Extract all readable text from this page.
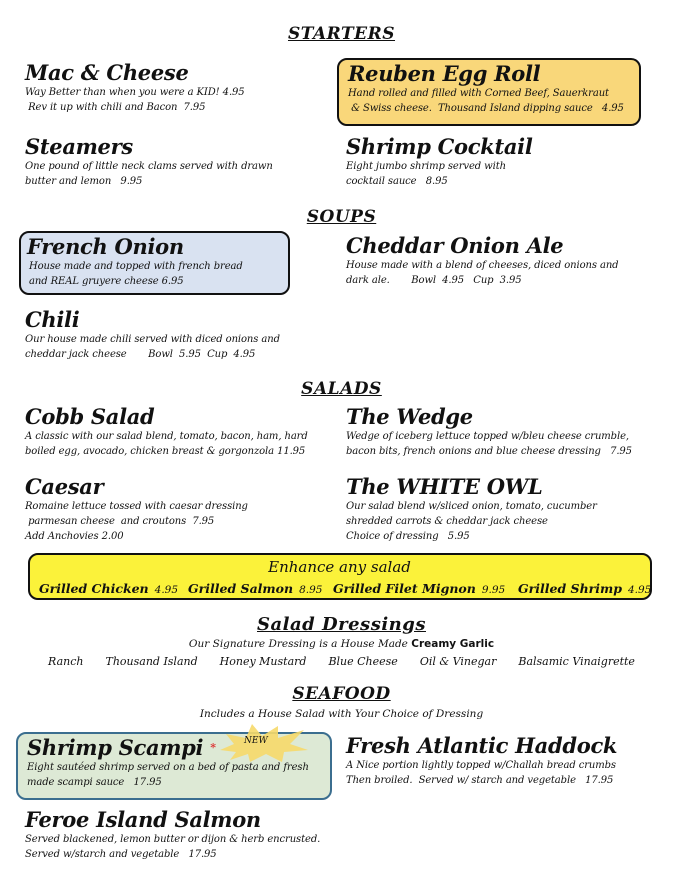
STARTERS
Mac & Cheese
Way Better than when you were a KID! 4.95
Rev it up with chili and Bacon  7.95
Reuben Egg Roll
Hand rolled and filled with Corned Beef, Sauerkraut
& Swiss cheese.  Thousand Island dipping sauce   4.95
Steamers
One pound of little neck clams served with drawn
butter and lemon   9.95
Shrimp Cocktail
Eight jumbo shrimp served with
cocktail sauce   8.95
SOUPS
French Onion
House made and topped with french bread
and REAL gruyere cheese 6.95
Cheddar Onion Ale
House made with a blend of cheeses, diced onions and
dark ale.       Bowl  4.95   Cup  3.95
Chili
Our house made chili served with diced onions and
cheddar jack cheese       Bowl  5.95  Cup  4.95
SALADS
Cobb Salad
A classic with our salad blend, tomato, bacon, ham, hard
boiled egg, avocado, chicken breast & gorgonzola 11.95
The Wedge
Wedge of iceberg lettuce topped w/bleu cheese crumble,
bacon bits, french onions and blue cheese dressing   7.95
Caesar
Romaine lettuce tossed with caesar dressing
parmesan cheese  and croutons  7.95
Add Anchovies 2.00
The WHITE OWL
Our salad blend w/sliced onion, tomato, cucumber
shredded carrots & cheddar jack cheese
Choice of dressing   5.95
Enhance any salad
Grilled Chicken 4.95 Grilled Salmon 8.95 Grilled Filet Mignon 9.95 Grilled Shrimp 4.95
Salad Dressings
Our Signature Dressing is a House Made Creamy Garlic
Ranch Thousand Island Honey Mustard Blue Cheese Oil & Vinegar Balsamic Vinaigrette
SEAFOOD
Includes a House Salad with Your Choice of Dressing
Shrimp Scampi *
Eight sautéed shrimp served on a bed of pasta and fresh
made scampi sauce   17.95
NEW	Fresh Atlantic Haddock
A Nice portion lightly topped w/Challah bread crumbs
Then broiled.  Served w/ starch and vegetable   17.95
Feroe Island Salmon
Served blackened, lemon butter or dijon & herb encrusted.
Served w/starch and vegetable   17.95
